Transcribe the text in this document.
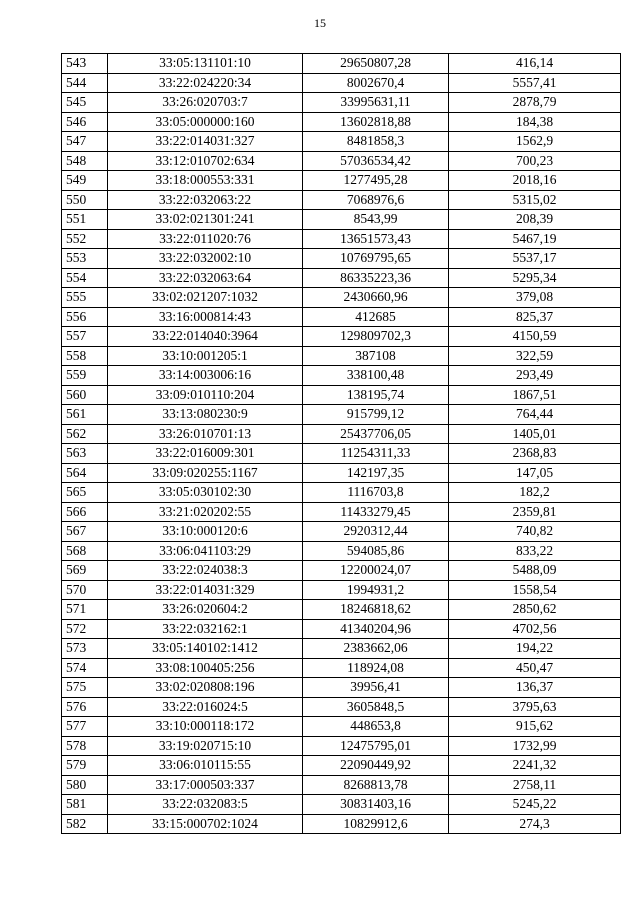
15
543	33:05:131101:10	29650807,28	416,14
544	33:22:024220:34	8002670,4	5557,41
545	33:26:020703:7	33995631,11	2878,79
546	33:05:000000:160	13602818,88	184,38
547	33:22:014031:327	8481858,3	1562,9
548	33:12:010702:634	57036534,42	700,23
549	33:18:000553:331	1277495,28	2018,16
550	33:22:032063:22	7068976,6	5315,02
551	33:02:021301:241	8543,99	208,39
552	33:22:011020:76	13651573,43	5467,19
553	33:22:032002:10	10769795,65	5537,17
554	33:22:032063:64	86335223,36	5295,34
555	33:02:021207:1032	2430660,96	379,08
556	33:16:000814:43	412685	825,37
557	33:22:014040:3964	129809702,3	4150,59
558	33:10:001205:1	387108	322,59
559	33:14:003006:16	338100,48	293,49
560	33:09:010110:204	138195,74	1867,51
561	33:13:080230:9	915799,12	764,44
562	33:26:010701:13	25437706,05	1405,01
563	33:22:016009:301	11254311,33	2368,83
564	33:09:020255:1167	142197,35	147,05
565	33:05:030102:30	1116703,8	182,2
566	33:21:020202:55	11433279,45	2359,81
567	33:10:000120:6	2920312,44	740,82
568	33:06:041103:29	594085,86	833,22
569	33:22:024038:3	12200024,07	5488,09
570	33:22:014031:329	1994931,2	1558,54
571	33:26:020604:2	18246818,62	2850,62
572	33:22:032162:1	41340204,96	4702,56
573	33:05:140102:1412	2383662,06	194,22
574	33:08:100405:256	118924,08	450,47
575	33:02:020808:196	39956,41	136,37
576	33:22:016024:5	3605848,5	3795,63
577	33:10:000118:172	448653,8	915,62
578	33:19:020715:10	12475795,01	1732,99
579	33:06:010115:55	22090449,92	2241,32
580	33:17:000503:337	8268813,78	2758,11
581	33:22:032083:5	30831403,16	5245,22
582	33:15:000702:1024	10829912,6	274,3
